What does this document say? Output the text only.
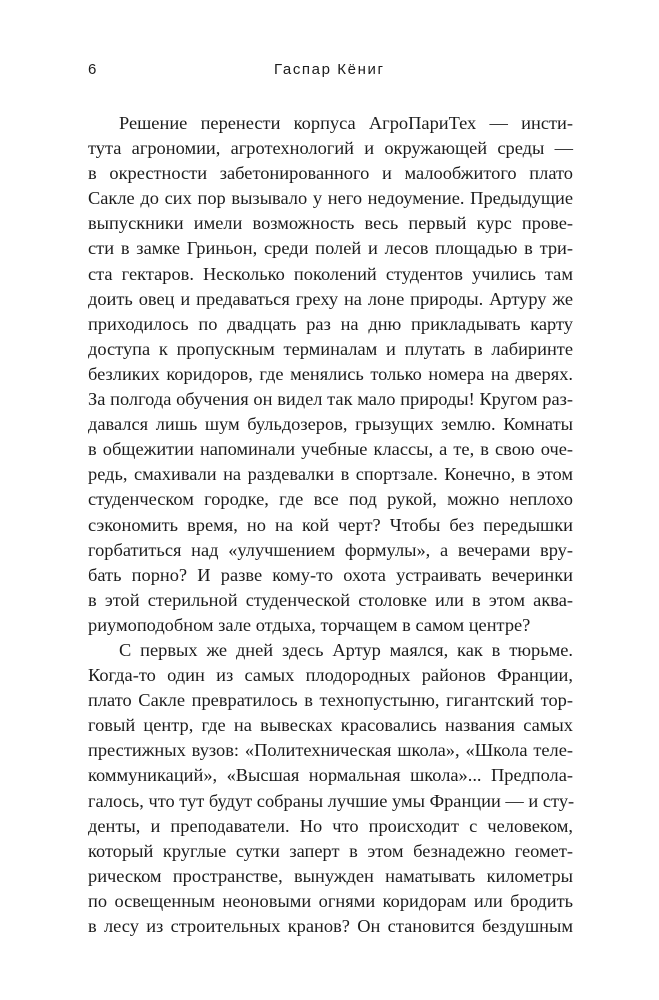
6	Гаспар Кёниг
Решение перенести корпуса АгроПариТех — инсти-
тута агрономии, агротехнологий и окружающей среды —
в окрестности забетонированного и малообжитого плато
Сакле до сих пор вызывало у него недоумение. Предыдущие
выпускники имели возможность весь первый курс прове-
сти в замке Гриньон, среди полей и лесов площадью в три-
ста гектаров. Несколько поколений студентов учились там
доить овец и предаваться греху на лоне природы. Артуру же
приходилось по двадцать раз на дню прикладывать карту
доступа к пропускным терминалам и плутать в лабиринте
безликих коридоров, где менялись только номера на дверях.
За полгода обучения он видел так мало природы! Кругом раз-
давался лишь шум бульдозеров, грызущих землю. Комнаты
в общежитии напоминали учебные классы, а те, в свою оче-
редь, смахивали на раздевалки в спортзале. Конечно, в этом
студенческом городке, где все под рукой, можно неплохо
сэкономить время, но на кой черт? Чтобы без передышки
горбатиться над «улучшением формулы», а вечерами вру-
бать порно? И разве кому-то охота устраивать вечеринки
в этой стерильной студенческой столовке или в этом аква-
риумоподобном зале отдыха, торчащем в самом центре?
С первых же дней здесь Артур маялся, как в тюрьме.
Когда-то один из самых плодородных районов Франции,
плато Сакле превратилось в технопустыню, гигантский тор-
говый центр, где на вывесках красовались названия самых
престижных вузов: «Политехническая школа», «Школа теле-
коммуникаций», «Высшая нормальная школа»... Предпола-
галось, что тут будут собраны лучшие умы Франции — и сту-
денты, и преподаватели. Но что происходит с человеком,
который круглые сутки заперт в этом безнадежно геомет-
рическом пространстве, вынужден наматывать километры
по освещенным неоновыми огнями коридорам или бродить
в лесу из строительных кранов? Он становится бездушным
